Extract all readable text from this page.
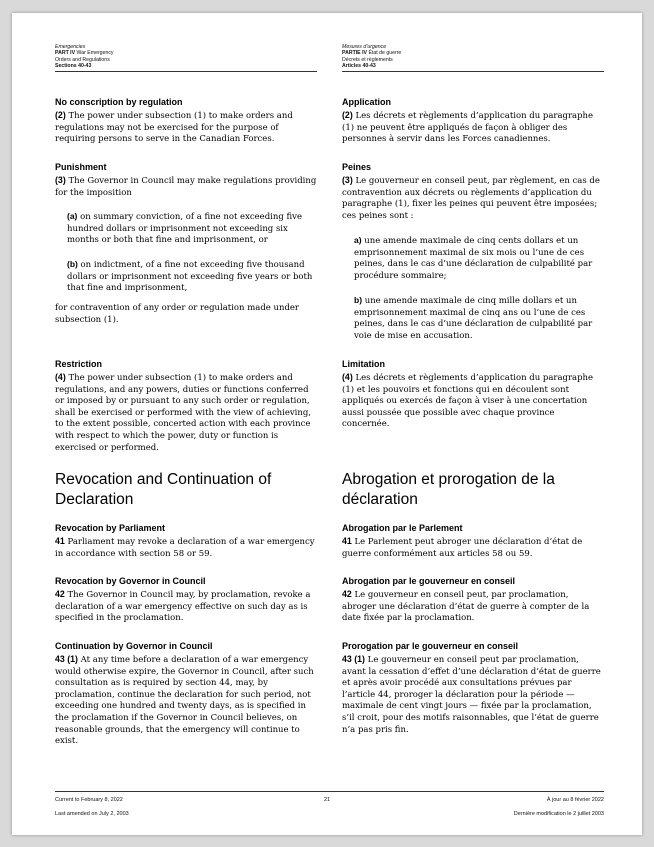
Emergencies
PART IV War Emergency
Orders and Regulations
Sections 40-43
Mesures d’urgence
PARTIE IV État de guerre
Décrets et règlements
Articles 40-43
No conscription by regulation

(2) The power under subsection (1) to make orders and regulations may not be exercised for the purpose of requiring persons to serve in the Canadian Forces.

Punishment

(3) The Governor in Council may make regulations providing for the imposition

(a) on summary conviction, of a fine not exceeding five hundred dollars or imprisonment not exceeding six months or both that fine and imprisonment, or

(b) on indictment, of a fine not exceeding five thousand dollars or imprisonment not exceeding five years or both that fine and imprisonment,

for contravention of any order or regulation made under subsection (1).

Restriction

(4) The power under subsection (1) to make orders and regulations, and any powers, duties or functions conferred or imposed by or pursuant to any such order or regulation, shall be exercised or performed with the view of achieving, to the extent possible, concerted action with each province with respect to which the power, duty or function is exercised or performed.

Revocation and Continuation of Declaration
Revocation by Parliament

41 Parliament may revoke a declaration of a war emergency in accordance with section 58 or 59.

Revocation by Governor in Council

42 The Governor in Council may, by proclamation, revoke a declaration of a war emergency effective on such day as is specified in the proclamation.

Continuation by Governor in Council

43 (1) At any time before a declaration of a war emergency would otherwise expire, the Governor in Council, after such consultation as is required by section 44, may, by proclamation, continue the declaration for such period, not exceeding one hundred and twenty days, as is specified in the proclamation if the Governor in Council believes, on reasonable grounds, that the emergency will continue to exist.

Application

(2) Les décrets et règlements d’application du paragraphe (1) ne peuvent être appliqués de façon à obliger des personnes à servir dans les Forces canadiennes.

Peines

(3) Le gouverneur en conseil peut, par règlement, en cas de contravention aux décrets ou règlements d’application du paragraphe (1), fixer les peines qui peuvent être imposées; ces peines sont :

a) une amende maximale de cinq cents dollars et un emprisonnement maximal de six mois ou l’une de ces peines, dans le cas d’une déclaration de culpabilité par procédure sommaire;

b) une amende maximale de cinq mille dollars et un emprisonnement maximal de cinq ans ou l’une de ces peines, dans le cas d’une déclaration de culpabilité par voie de mise en accusation.

Limitation

(4) Les décrets et règlements d’application du paragraphe (1) et les pouvoirs et fonctions qui en découlent sont appliqués ou exercés de façon à viser à une concertation aussi poussée que possible avec chaque province concernée.

Abrogation et prorogation de la déclaration
Abrogation par le Parlement

41 Le Parlement peut abroger une déclaration d’état de guerre conformément aux articles 58 ou 59.

Abrogation par le gouverneur en conseil

42 Le gouverneur en conseil peut, par proclamation, abroger une déclaration d’état de guerre à compter de la date fixée par la proclamation.

Prorogation par le gouverneur en conseil

43 (1) Le gouverneur en conseil peut par proclamation, avant la cessation d’effet d’une déclaration d’état de guerre et après avoir procédé aux consultations prévues par l’article 44, proroger la déclaration pour la période — maximale de cent vingt jours — fixée par la proclamation, s’il croit, pour des motifs raisonnables, que l’état de guerre n’a pas pris fin.

Current to February 8, 2022	21	À jour au 8 février 2022
Last amended on July 2, 2003	Dernière modification le 2 juillet 2003
